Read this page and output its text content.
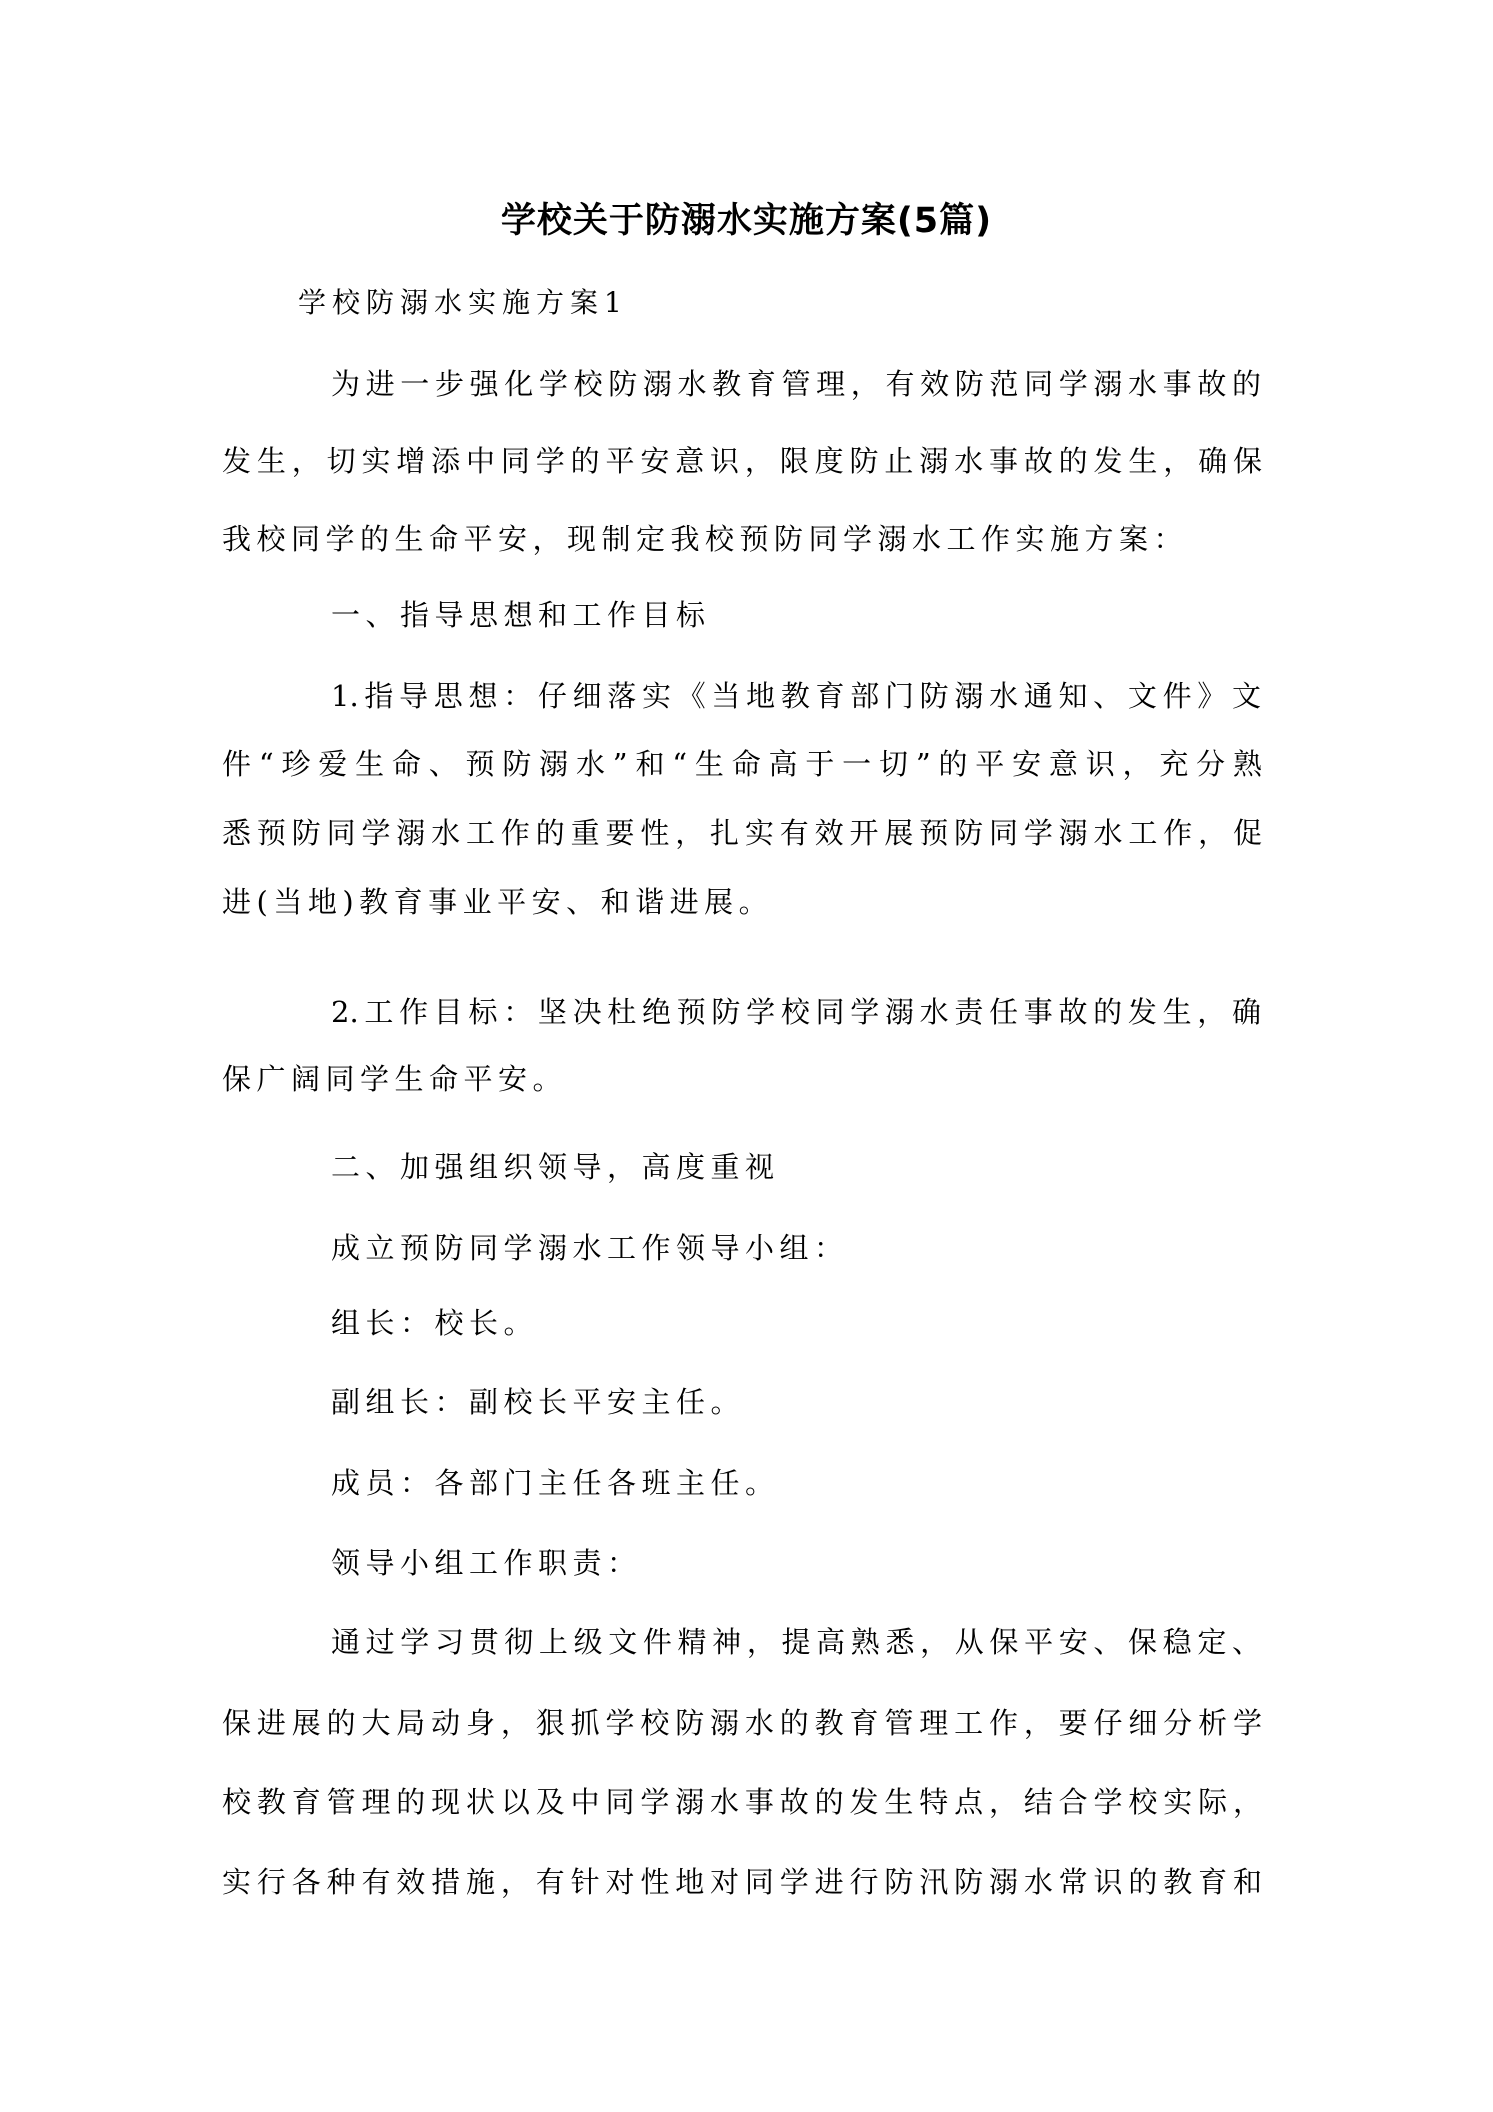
学校关于防溺水实施方案(5篇)
学校防溺水实施方案1
为进一步强化学校防溺水教育管理，有效防范同学溺水事故的
发生，切实增添中同学的平安意识，限度防止溺水事故的发生，确保
我校同学的生命平安，现制定我校预防同学溺水工作实施方案：
一、指导思想和工作目标
1.指导思想：仔细落实《当地教育部门防溺水通知、文件》文
件“珍爱生命、预防溺水”和“生命高于一切”的平安意识，充分熟
悉预防同学溺水工作的重要性，扎实有效开展预防同学溺水工作，促
进(当地)教育事业平安、和谐进展。
2.工作目标：坚决杜绝预防学校同学溺水责任事故的发生，确
保广阔同学生命平安。
二、加强组织领导，高度重视
成立预防同学溺水工作领导小组：
组长：校长。
副组长：副校长平安主任。
成员：各部门主任各班主任。
领导小组工作职责：
通过学习贯彻上级文件精神，提高熟悉，从保平安、保稳定、
保进展的大局动身，狠抓学校防溺水的教育管理工作，要仔细分析学
校教育管理的现状以及中同学溺水事故的发生特点，结合学校实际，
实行各种有效措施，有针对性地对同学进行防汛防溺水常识的教育和
